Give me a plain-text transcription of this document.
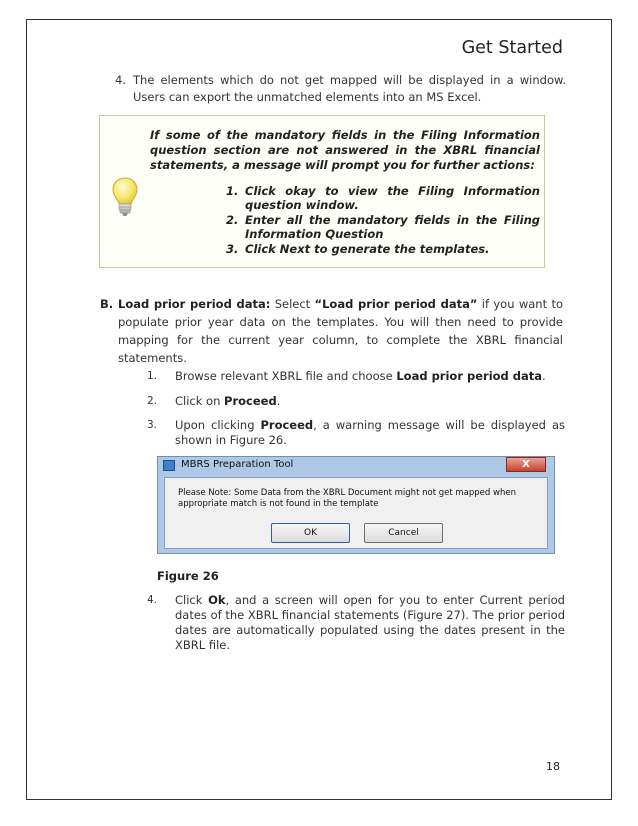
Get Started
4. The elements which do not get mapped will be displayed in a window. Users can export the unmatched elements into an MS Excel.
If some of the mandatory fields in the Filing Information question section are not answered in the XBRL financial statements, a message will prompt you for further actions:
1. Click okay to view the Filing Information question window.
2. Enter all the mandatory fields in the Filing Information Question
3. Click Next to generate the templates.
B. Load prior period data: Select “Load prior period data” if you want to populate prior year data on the templates. You will then need to provide mapping for the current year column, to complete the XBRL financial statements.
1.	Browse relevant XBRL file and choose Load prior period data.
2.	Click on Proceed.
3.	Upon clicking Proceed, a warning message will be displayed as shown in Figure 26.
MBRS Preparation Tool	X
Please Note: Some Data from the XBRL Document might not get mapped when appropriate match is not found in the template
OK	Cancel
Figure 26
4.	Click Ok, and a screen will open for you to enter Current period dates of the XBRL financial statements (Figure 27). The prior period dates are automatically populated using the dates present in the XBRL file.
18
